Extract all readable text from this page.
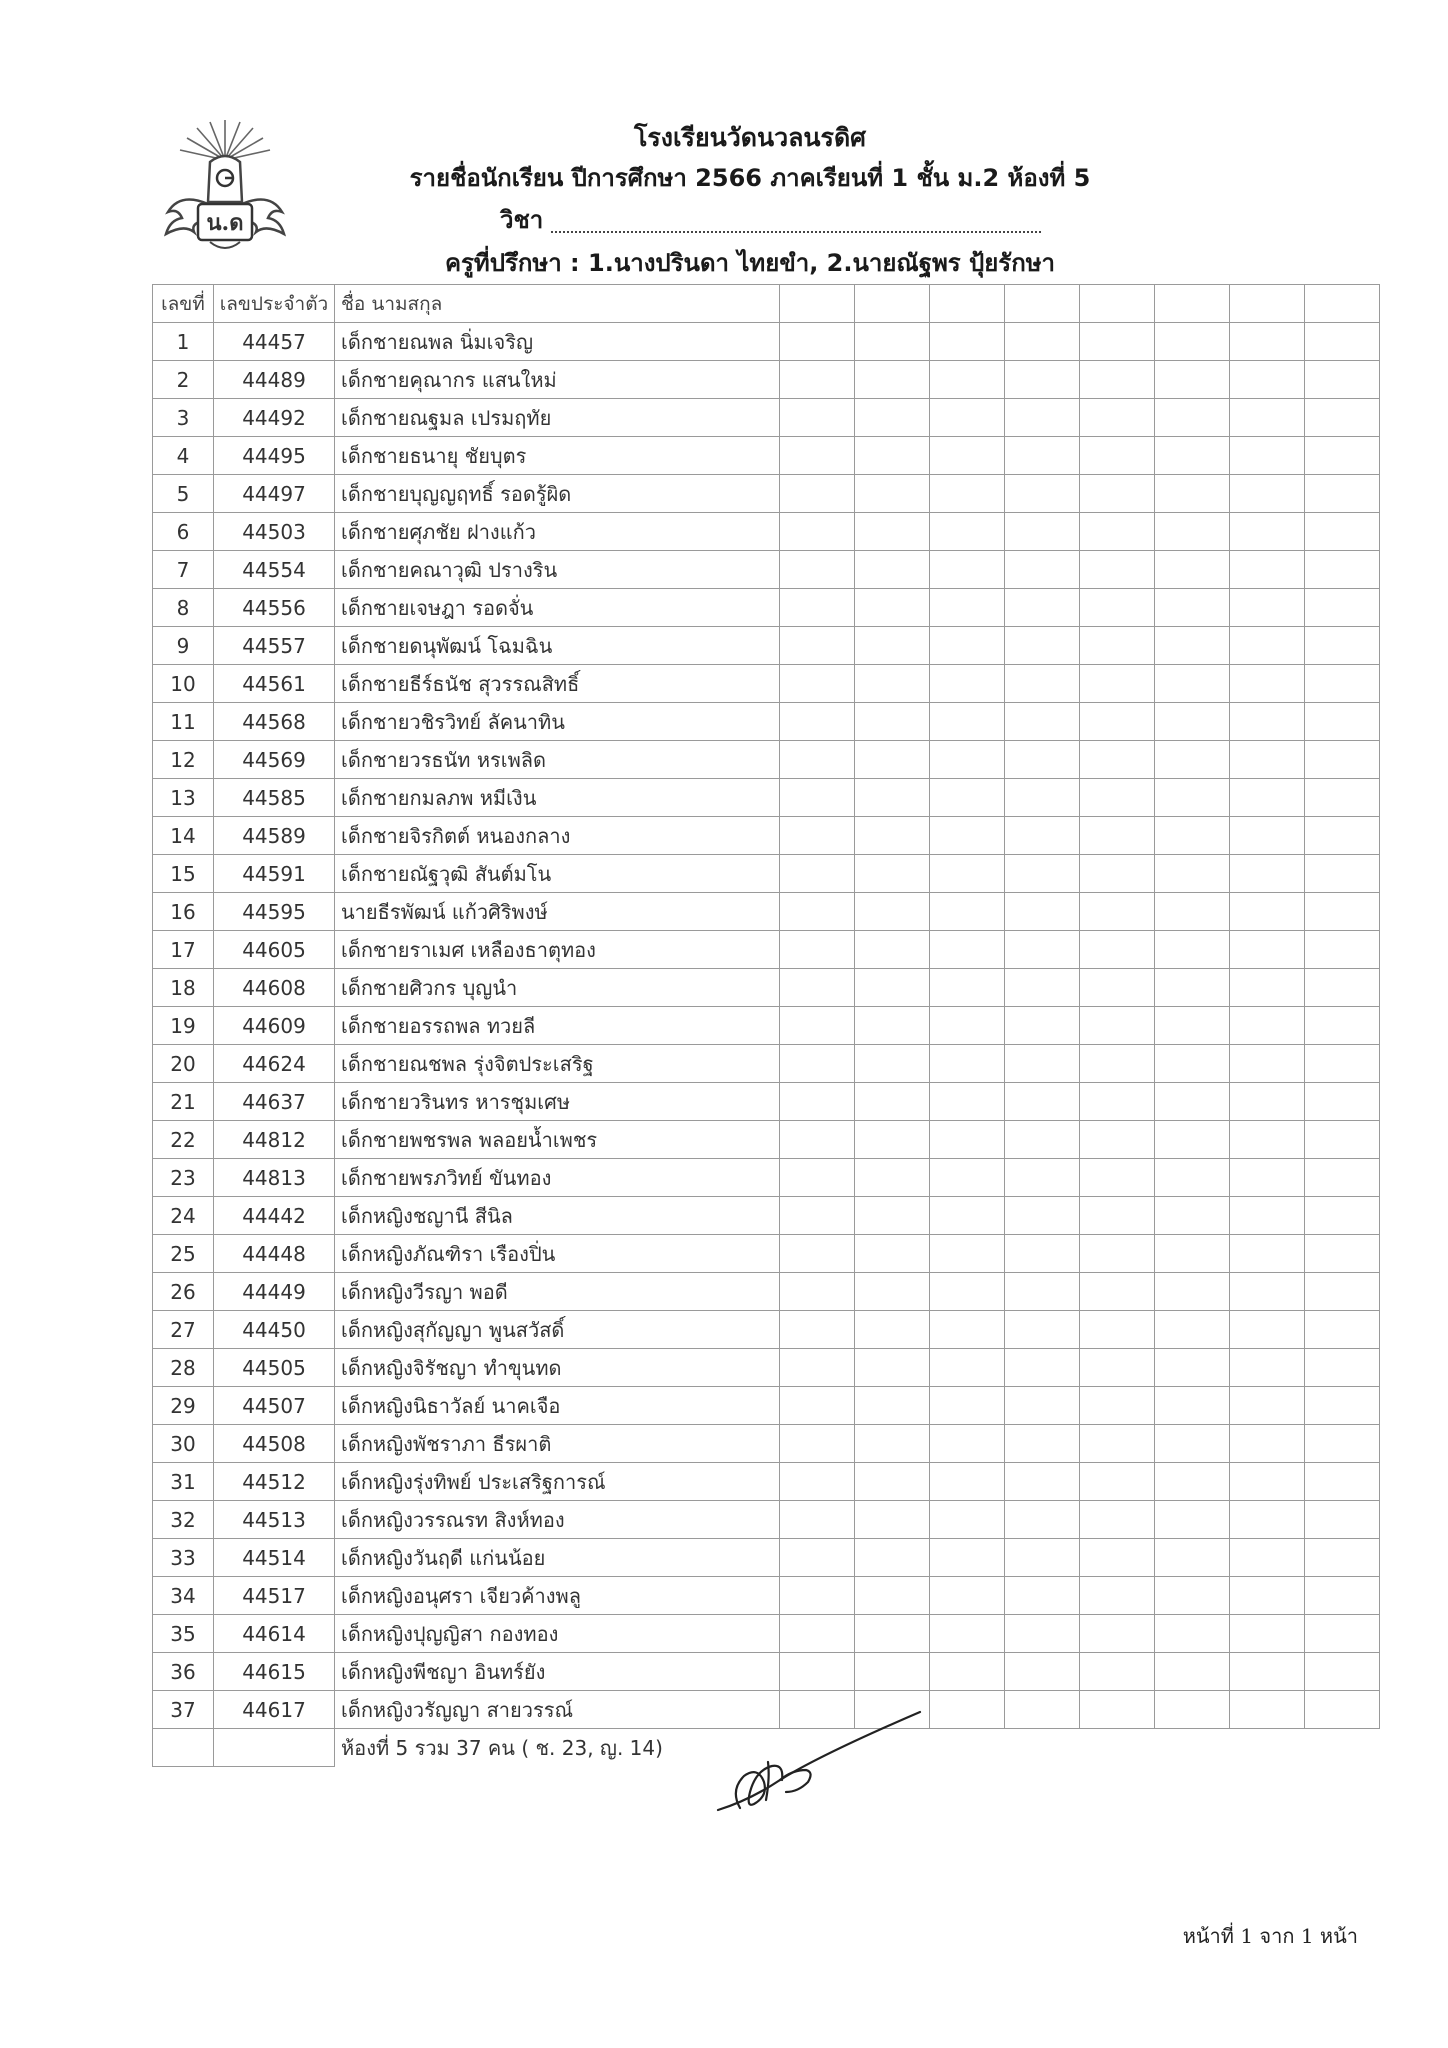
น.ด
โรงเรียนวัดนวลนรดิศ
รายชื่อนักเรียน ปีการศึกษา 2566 ภาคเรียนที่ 1 ชั้น ม.2 ห้องที่ 5
วิชา
ครูที่ปรึกษา : 1.นางปรินดา ไทยขำ, 2.นายณัฐพร ปุ้ยรักษา
เลขที่	เลขประจำตัว	ชื่อ นามสกุล								
1	44457	เด็กชายณพล นิ่มเจริญ								
2	44489	เด็กชายคุณากร แสนใหม่								
3	44492	เด็กชายณฐมล เปรมฤทัย								
4	44495	เด็กชายธนายุ ชัยบุตร								
5	44497	เด็กชายบุญญฤทธิ์ รอดรู้ผิด								
6	44503	เด็กชายศุภชัย ฝางแก้ว								
7	44554	เด็กชายคณาวุฒิ ปรางริน								
8	44556	เด็กชายเจษฎา รอดจั่น								
9	44557	เด็กชายดนุพัฒน์ โฉมฉิน								
10	44561	เด็กชายธีร์ธนัช สุวรรณสิทธิ์								
11	44568	เด็กชายวชิรวิทย์ ลัคนาทิน								
12	44569	เด็กชายวรธนัท หรเพลิด								
13	44585	เด็กชายกมลภพ หมีเงิน								
14	44589	เด็กชายจิรกิตต์ หนองกลาง								
15	44591	เด็กชายณัฐวุฒิ สันต์มโน								
16	44595	นายธีรพัฒน์ แก้วศิริพงษ์								
17	44605	เด็กชายราเมศ เหลืองธาตุทอง								
18	44608	เด็กชายศิวกร บุญนำ								
19	44609	เด็กชายอรรถพล ทวยลี								
20	44624	เด็กชายณชพล รุ่งจิตประเสริฐ								
21	44637	เด็กชายวรินทร หารชุมเศษ								
22	44812	เด็กชายพชรพล พลอยน้ำเพชร								
23	44813	เด็กชายพรภวิทย์ ขันทอง								
24	44442	เด็กหญิงชญานี สีนิล								
25	44448	เด็กหญิงภัณฑิรา เรืองปิ่น								
26	44449	เด็กหญิงวีรญา พอดี								
27	44450	เด็กหญิงสุกัญญา พูนสวัสดิ์								
28	44505	เด็กหญิงจิรัชญา ทำขุนทด								
29	44507	เด็กหญิงนิธาวัลย์ นาคเจือ								
30	44508	เด็กหญิงพัชราภา ธีรผาติ								
31	44512	เด็กหญิงรุ่งทิพย์ ประเสริฐการณ์								
32	44513	เด็กหญิงวรรณรท สิงห์ทอง								
33	44514	เด็กหญิงวันฤดี แก่นน้อย								
34	44517	เด็กหญิงอนุศรา เจียวค้างพลู								
35	44614	เด็กหญิงปุญญิสา กองทอง								
36	44615	เด็กหญิงพีชญา อินทร์ยัง								
37	44617	เด็กหญิงวรัญญา สายวรรณ์								
		ห้องที่ 5 รวม 37 คน ( ช. 23, ญ. 14)								
หน้าที่ 1 จาก 1 หน้า
